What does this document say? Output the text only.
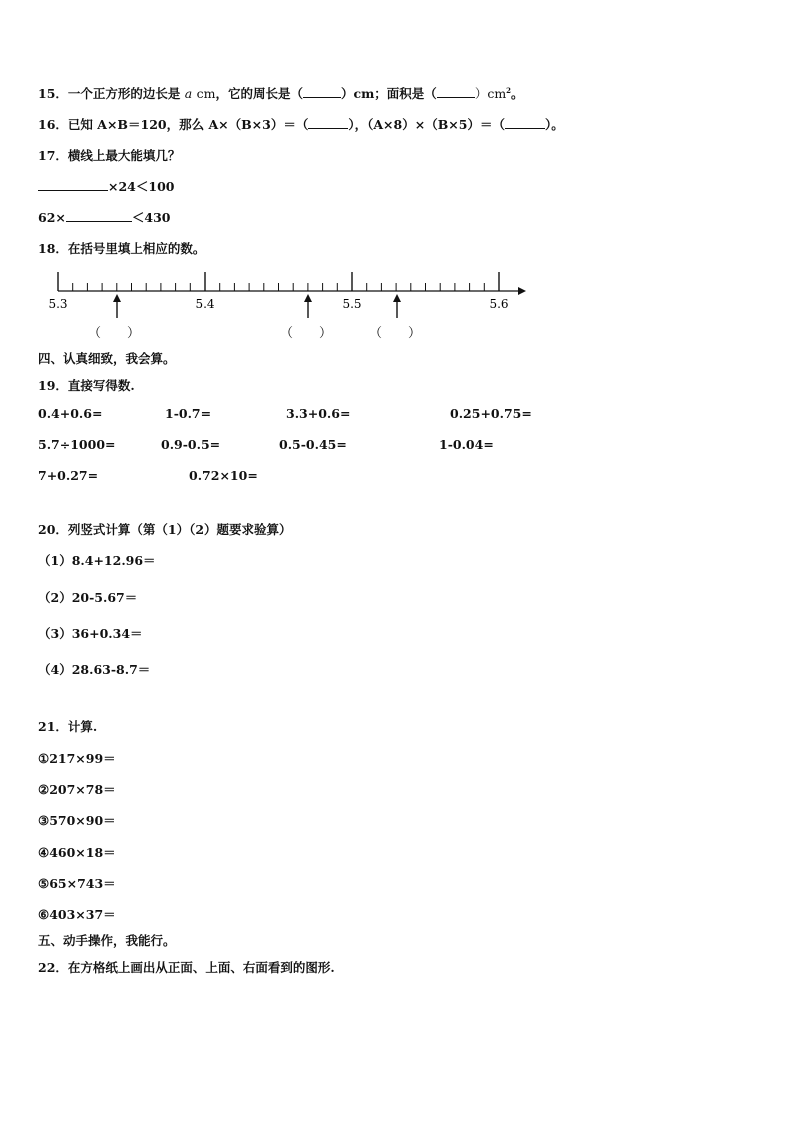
15．一个正方形的边长是 a cm，它的周长是（	）cm；面积是（	）$cm^2$。
16．已知 A×B＝120，那么 A×（B×3）＝（	），（A×8）×（B×5）＝（	）。
17．横线上最大能填几？
×24＜100
62×	＜430
18．在括号里填上相应的数。
5.3	5.4	5.5	5.6
（　　）	（　　）	（　　）
四、认真细致，我会算。
19．直接写得数.
0.4+0.6=	1-0.7=	3.3+0.6=	0.25+0.75=
5.7÷1000=	0.9-0.5=	0.5-0.45=	1-0.04=
7+0.27=	0.72×10=
20．列竖式计算（第（1）（2）题要求验算）
（1）8.4+12.96＝
（2）20-5.67＝
（3）36+0.34＝
（4）28.63-8.7＝
21．计算.
①217×99＝
②207×78＝
③570×90＝
④460×18＝
⑤65×743＝
⑥403×37＝
五、动手操作，我能行。
22．在方格纸上画出从正面、上面、右面看到的图形.
